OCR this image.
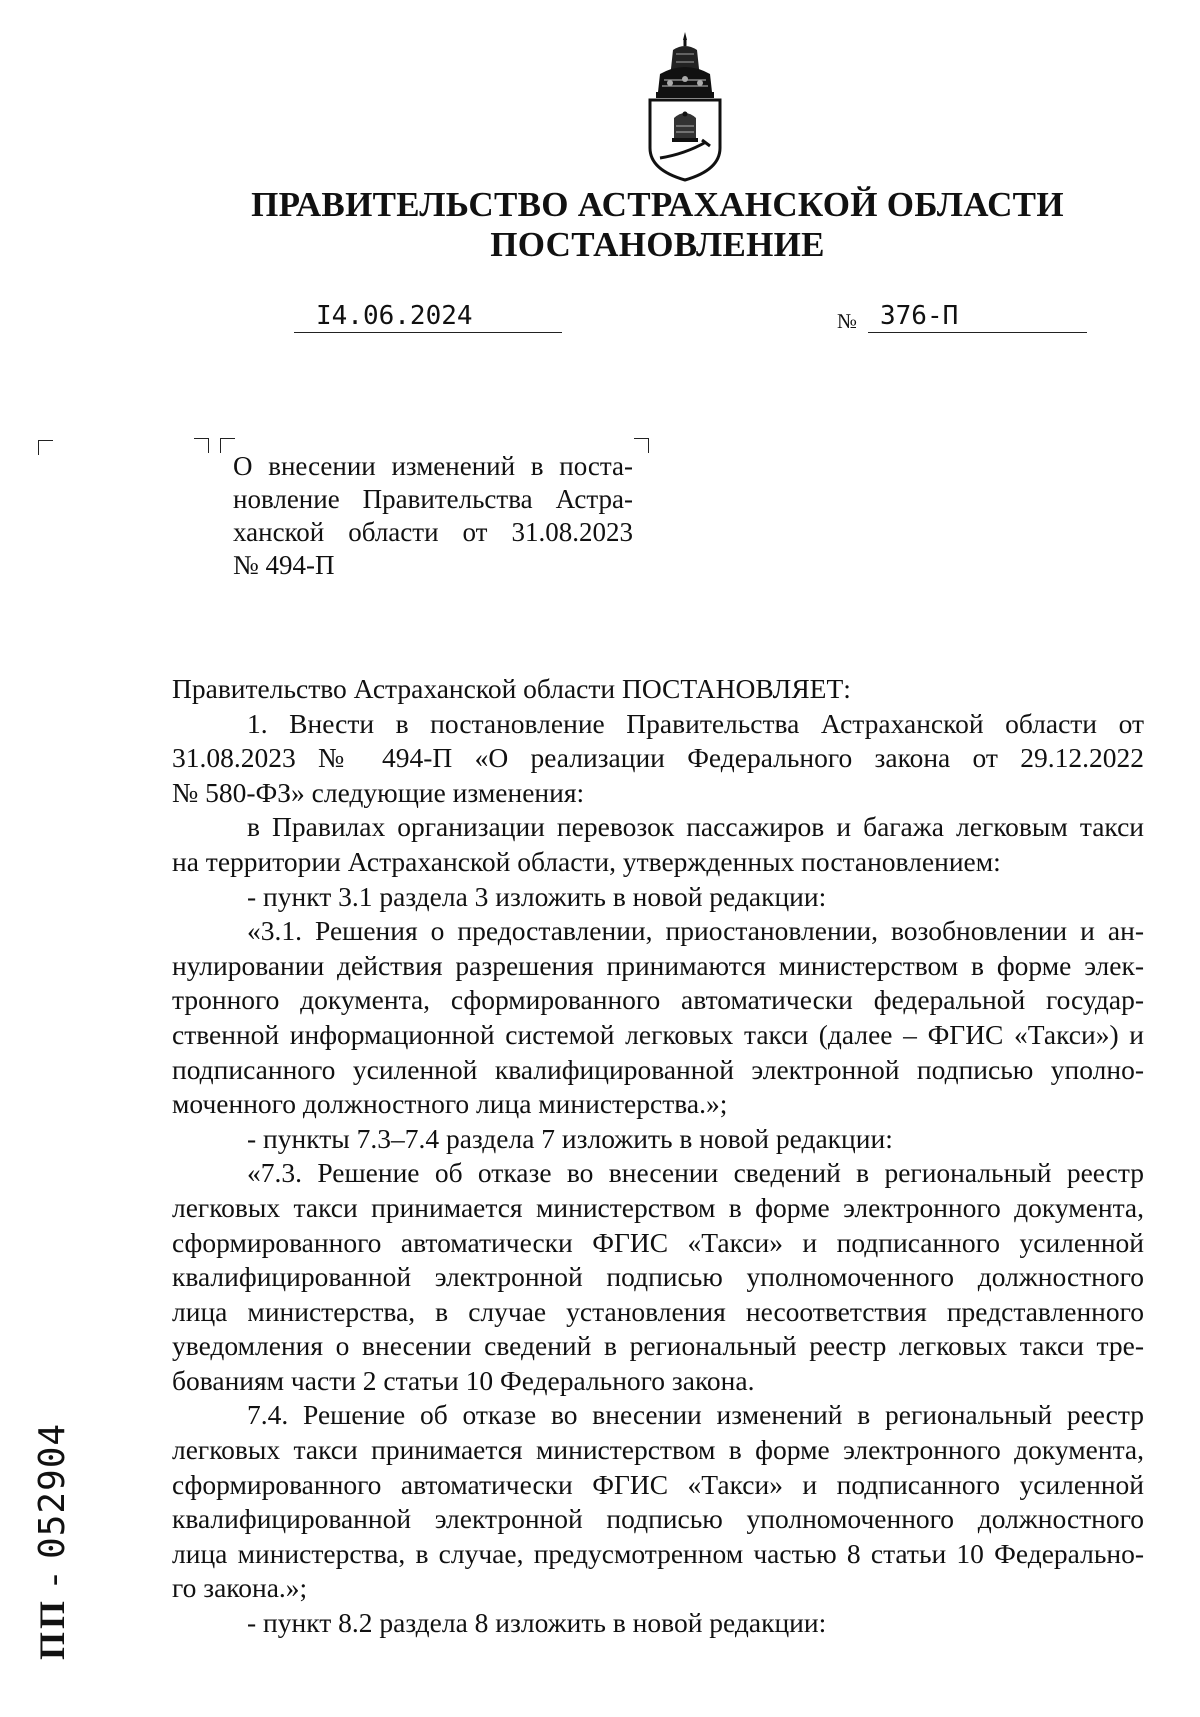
ПРАВИТЕЛЬСТВО АСТРАХАНСКОЙ ОБЛАСТИ
ПОСТАНОВЛЕНИЕ
I4.06.2024	№ 376-П
О внесении изменений в поста-
новление Правительства Астра-
ханской области от 31.08.2023
№ 494-П
Правительство Астраханской области ПОСТАНОВЛЯЕТ:
1. Внести в постановление Правительства Астраханской области от
31.08.2023 № 494-П «О реализации Федерального закона от 29.12.2022
№ 580-ФЗ» следующие изменения:
в Правилах организации перевозок пассажиров и багажа легковым такси
на территории Астраханской области, утвержденных постановлением:
- пункт 3.1 раздела 3 изложить в новой редакции:
«3.1. Решения о предоставлении, приостановлении, возобновлении и ан-
нулировании действия разрешения принимаются министерством в форме элек-
тронного документа, сформированного автоматически федеральной государ-
ственной информационной системой легковых такси (далее – ФГИС «Такси») и
подписанного усиленной квалифицированной электронной подписью уполно-
моченного должностного лица министерства.»;
- пункты 7.3–7.4 раздела 7 изложить в новой редакции:
«7.3. Решение об отказе во внесении сведений в региональный реестр
легковых такси принимается министерством в форме электронного документа,
сформированного автоматически ФГИС «Такси» и подписанного усиленной
квалифицированной электронной подписью уполномоченного должностного
лица министерства, в случае установления несоответствия представленного
уведомления о внесении сведений в региональный реестр легковых такси тре-
бованиям части 2 статьи 10 Федерального закона.
7.4. Решение об отказе во внесении изменений в региональный реестр
легковых такси принимается министерством в форме электронного документа,
сформированного автоматически ФГИС «Такси» и подписанного усиленной
квалифицированной электронной подписью уполномоченного должностного
лица министерства, в случае, предусмотренном частью 8 статьи 10 Федерально-
го закона.»;
- пункт 8.2 раздела 8 изложить в новой редакции:
ПП - 052904
